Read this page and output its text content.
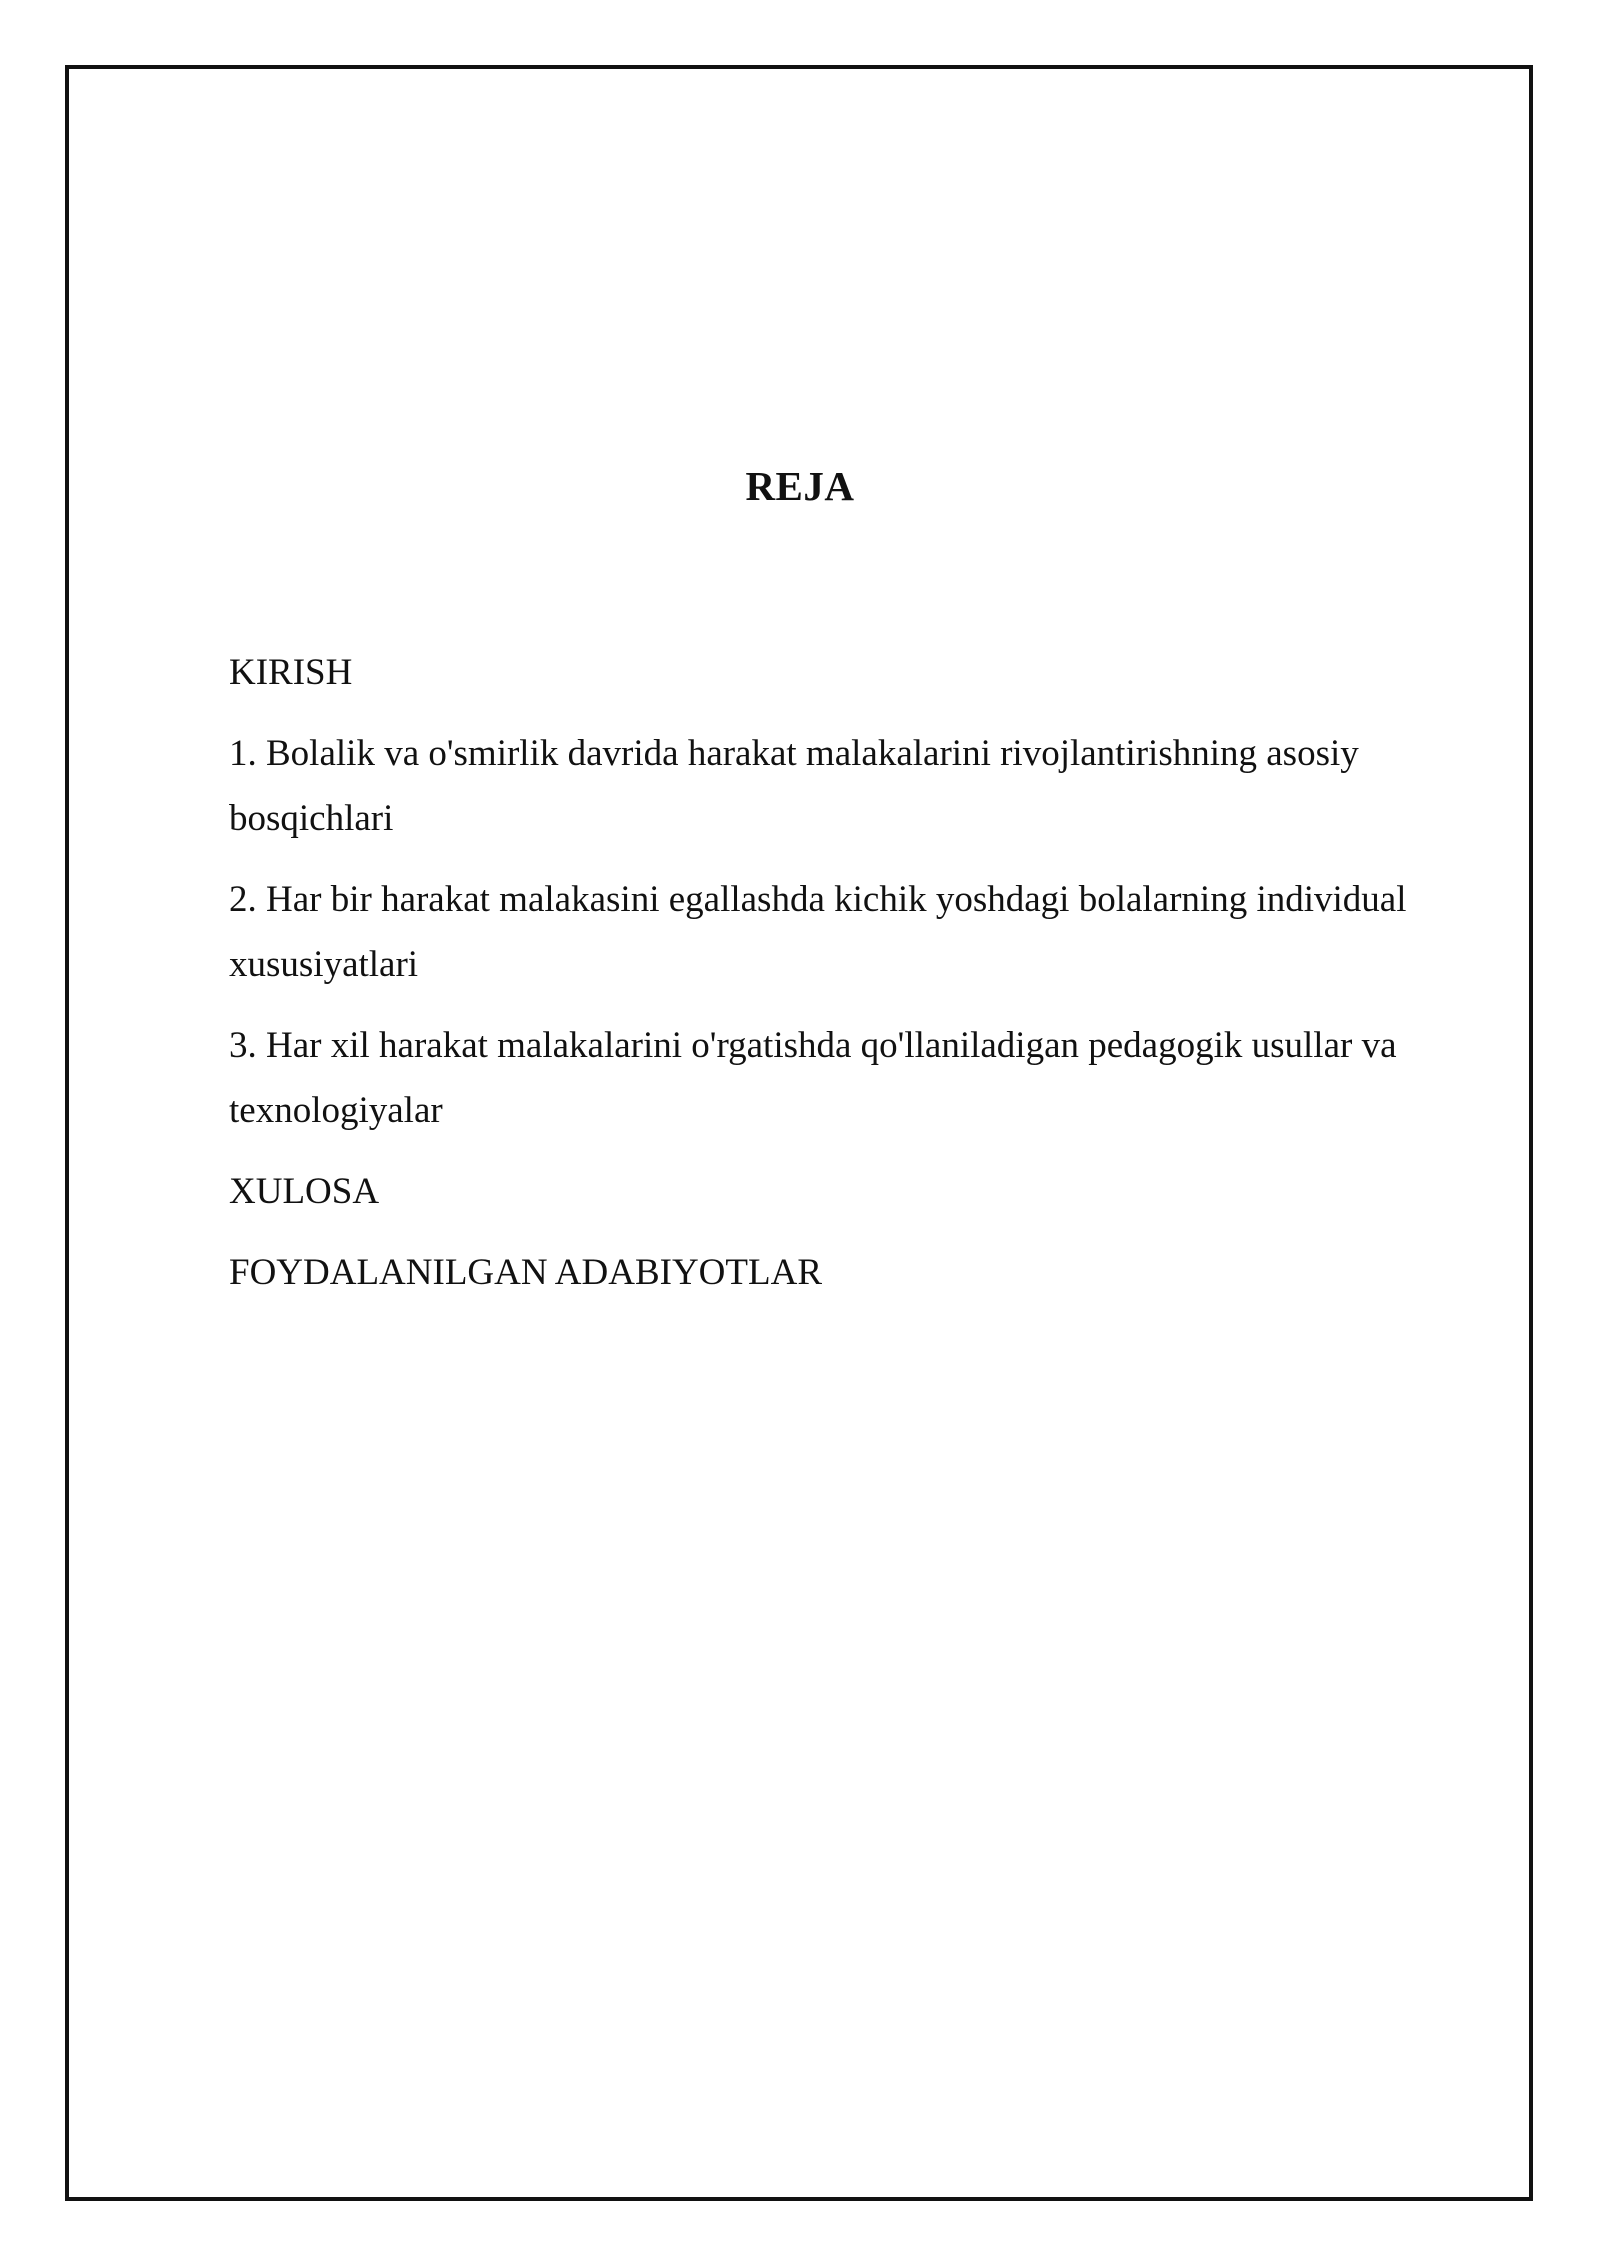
REJA
KIRISH
1. Bolalik va o'smirlik davrida harakat malakalarini rivojlantirishning asosiy
bosqichlari
2. Har bir harakat malakasini egallashda kichik yoshdagi bolalarning individual
xususiyatlari
3. Har xil harakat malakalarini o'rgatishda qo'llaniladigan pedagogik usullar va
texnologiyalar
XULOSA
FOYDALANILGAN ADABIYOTLAR
